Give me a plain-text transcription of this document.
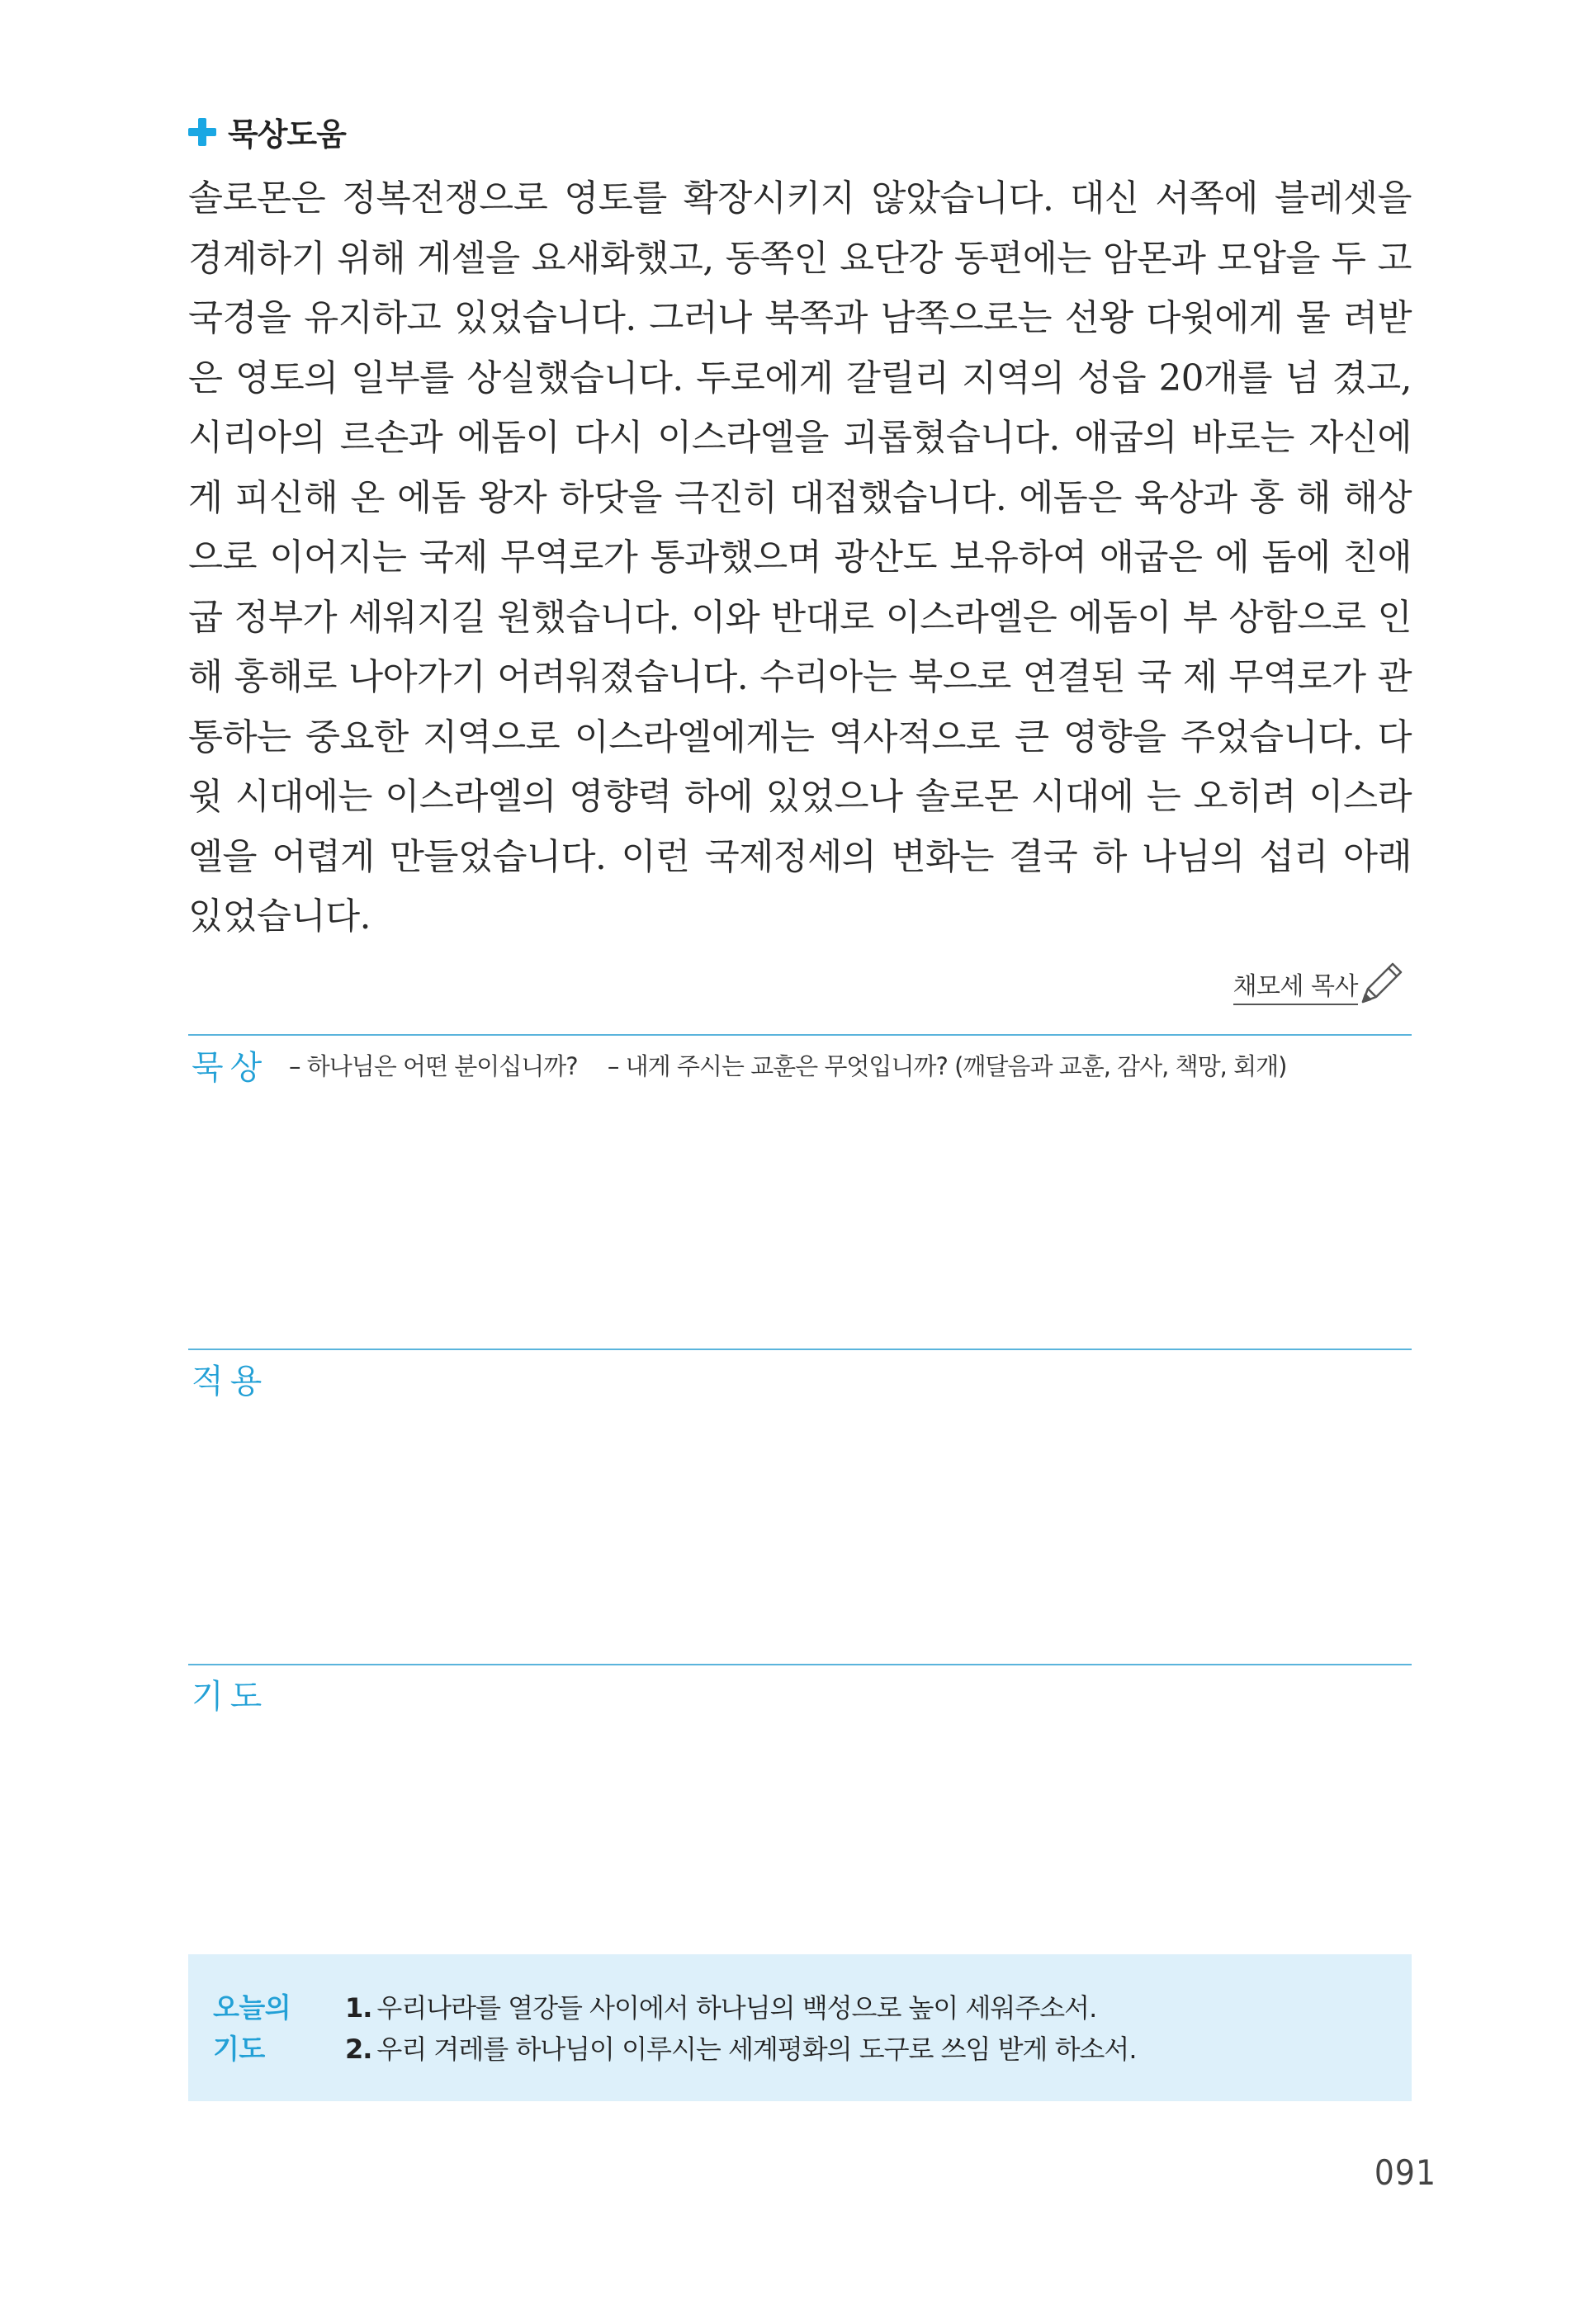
묵상도움

솔로몬은 정복전쟁으로 영토를 확장시키지 않았습니다. 대신 서쪽에 블레셋을 경계하기 위해 게셀을 요새화했고, 동쪽인 요단강 동편에는 암몬과 모압을 두 고 국경을 유지하고 있었습니다. 그러나 북쪽과 남쪽으로는 선왕 다윗에게 물 려받은 영토의 일부를 상실했습니다. 두로에게 갈릴리 지역의 성읍 20개를 넘 겼고, 시리아의 르손과 에돔이 다시 이스라엘을 괴롭혔습니다. 애굽의 바로는 자신에게 피신해 온 에돔 왕자 하닷을 극진히 대접했습니다. 에돔은 육상과 홍 해 해상으로 이어지는 국제 무역로가 통과했으며 광산도 보유하여 애굽은 에 돔에 친애굽 정부가 세워지길 원했습니다. 이와 반대로 이스라엘은 에돔이 부 상함으로 인해 홍해로 나아가기 어려워졌습니다. 수리아는 북으로 연결된 국 제 무역로가 관통하는 중요한 지역으로 이스라엘에게는 역사적으로 큰 영향을 주었습니다. 다윗 시대에는 이스라엘의 영향력 하에 있었으나 솔로몬 시대에 는 오히려 이스라엘을 어렵게 만들었습니다. 이런 국제정세의 변화는 결국 하 나님의 섭리 아래 있었습니다.

채모세 목사
묵상 – 하나님은 어떤 분이십니까? – 내게 주시는 교훈은 무엇입니까? (깨달음과 교훈, 감사, 책망, 회개)
적용
기도
오늘의
기도
1. 우리나라를 열강들 사이에서 하나님의 백성으로 높이 세워주소서.
2. 우리 겨레를 하나님이 이루시는 세계평화의 도구로 쓰임 받게 하소서.
091
